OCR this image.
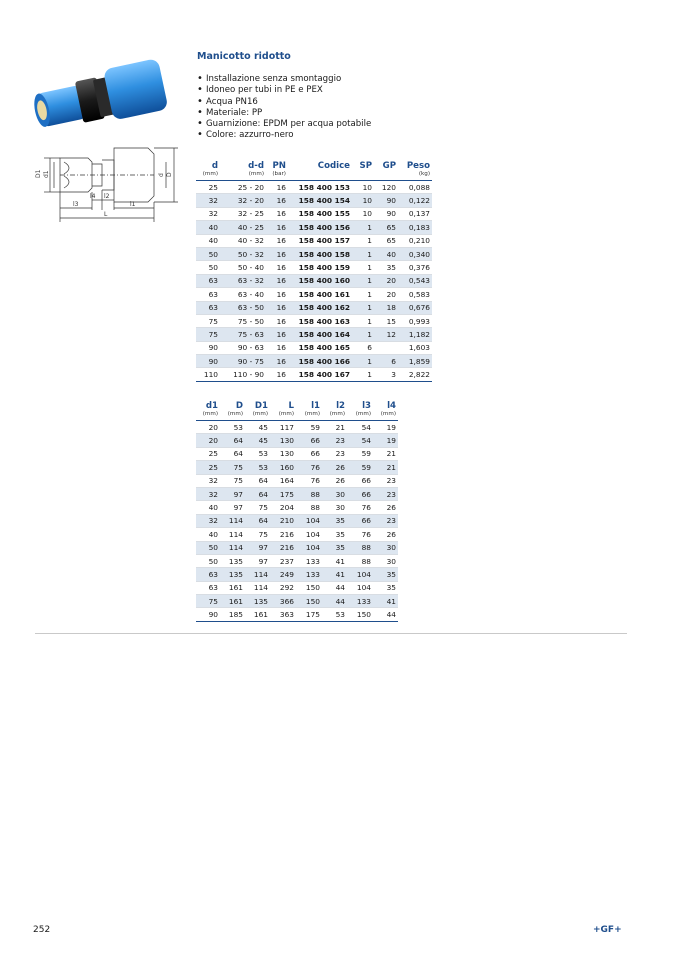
D1 d1	d D
l4 l2
l3	l1
L
Manicotto ridotto
• Installazione senza smontaggio
• Idoneo per tubi in PE e PEX
• Acqua PN16
• Materiale: PP
• Guarnizione: EPDM per acqua potabile
• Colore: azzurro-nero
d	d-d	PN	Codice	SP	GP	Peso
(mm)	(mm)	(bar)				(kg)
25	25 - 20	16	158 400 153	10	120	0,088
32	32 - 20	16	158 400 154	10	90	0,122
32	32 - 25	16	158 400 155	10	90	0,137
40	40 - 25	16	158 400 156	1	65	0,183
40	40 - 32	16	158 400 157	1	65	0,210
50	50 - 32	16	158 400 158	1	40	0,340
50	50 - 40	16	158 400 159	1	35	0,376
63	63 - 32	16	158 400 160	1	20	0,543
63	63 - 40	16	158 400 161	1	20	0,583
63	63 - 50	16	158 400 162	1	18	0,676
75	75 - 50	16	158 400 163	1	15	0,993
75	75 - 63	16	158 400 164	1	12	1,182
90	90 - 63	16	158 400 165	6		1,603
90	90 - 75	16	158 400 166	1	6	1,859
110	110 - 90	16	158 400 167	1	3	2,822
d1	D	D1	L	l1	l2	l3	l4
(mm)	(mm)	(mm)	(mm)	(mm)	(mm)	(mm)	(mm)
20	53	45	117	59	21	54	19
20	64	45	130	66	23	54	19
25	64	53	130	66	23	59	21
25	75	53	160	76	26	59	21
32	75	64	164	76	26	66	23
32	97	64	175	88	30	66	23
40	97	75	204	88	30	76	26
32	114	64	210	104	35	66	23
40	114	75	216	104	35	76	26
50	114	97	216	104	35	88	30
50	135	97	237	133	41	88	30
63	135	114	249	133	41	104	35
63	161	114	292	150	44	104	35
75	161	135	366	150	44	133	41
90	185	161	363	175	53	150	44
252	+GF+
